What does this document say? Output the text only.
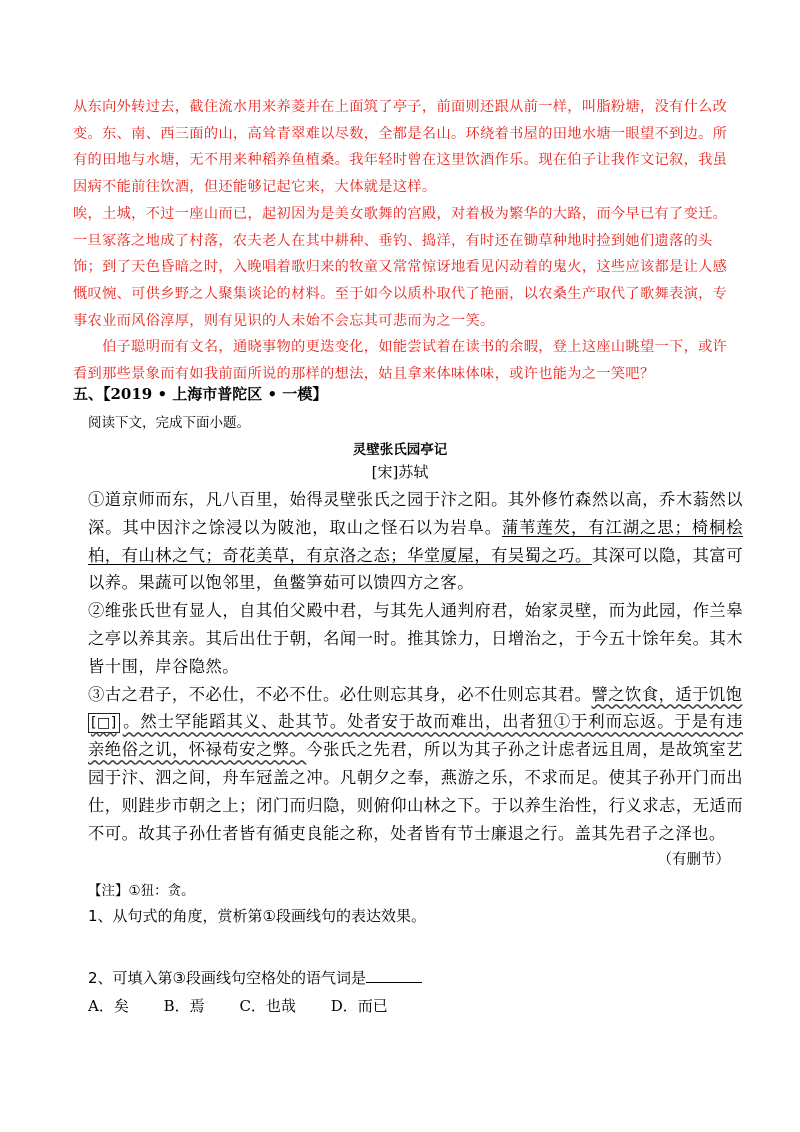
从东向外转过去，截住流水用来养菱并在上面筑了亭子，前面则还跟从前一样，叫脂粉塘，没有什么改变。东、南、西三面的山，高耸青翠难以尽数，全都是名山。环绕着书屋的田地水塘一眼望不到边。所有的田地与水塘，无不用来种稻养鱼植桑。我年轻时曾在这里饮酒作乐。现在伯子让我作文记叙，我虽因病不能前往饮酒，但还能够记起它来，大体就是这样。

唉，土城，不过一座山而已，起初因为是美女歌舞的宫殿，对着极为繁华的大路，而今早已有了变迁。一旦冢落之地成了村落，农夫老人在其中耕种、垂钓、捣洋，有时还在锄草种地时捡到她们遗落的头饰；到了天色昏暗之时，入晚唱着歌归来的牧童又常常惊讶地看见闪动着的鬼火，这些应该都是让人感慨叹惋、可供乡野之人聚集谈论的材料。至于如今以质朴取代了艳丽，以农桑生产取代了歌舞表演，专事农业而风俗淳厚，则有见识的人未始不会忘其可悲而为之一笑。

伯子聪明而有文名，通晓事物的更迭变化，如能尝试着在读书的余暇，登上这座山眺望一下，或许看到那些景象而有如我前面所说的那样的想法，姑且拿来体味体味，或许也能为之一笑吧？

五、【2019 • 上海市普陀区 • 一模】
阅读下文，完成下面小题。
灵壁张氏园亭记
[宋]苏轼

①道京师而东，凡八百里，始得灵壁张氏之园于汴之阳。其外修竹森然以高，乔木蓊然以深。其中因汴之馀浸以为陂池，取山之怪石以为岩阜。蒲苇莲芡，有江湖之思；椅桐桧柏，有山林之气；奇花美草，有京洛之态；华堂厦屋，有吴蜀之巧。其深可以隐，其富可以养。果蔬可以饱邻里，鱼鳖笋茹可以馈四方之客。

②维张氏世有显人，自其伯父殿中君，与其先人通判府君，始家灵壁，而为此园，作兰皋之亭以养其亲。其后出仕于朝，名闻一时。推其馀力，日增治之，于今五十馀年矣。其木皆十围，岸谷隐然。

③古之君子，不必仕，不必不仕。必仕则忘其身，必不仕则忘其君。譬之饮食，适于饥饱
[□] 。然士罕能蹈其义、赴其节。处者安于故而难出，出者狃①于利而忘返。于是有违亲绝俗之讥，怀禄苟安之弊。今张氏之先君，所以为其子孙之计虑者远且周，是故筑室艺园于汴、泗之间，舟车冠盖之冲。凡朝夕之奉，燕游之乐，不求而足。使其子孙开门而出仕，则跬步市朝之上；闭门而归隐，则俯仰山林之下。于以养生治性，行义求志，无适而不可。故其子孙仕者皆有循吏良能之称，处者皆有节士廉退之行。盖其先君子之泽也。

（有删节）
【注】①狃：贪。
1、从句式的角度，赏析第①段画线句的表达效果。
2、可填入第③段画线句空格处的语气词是
A．矣 B．焉 C．也哉 D．而已
